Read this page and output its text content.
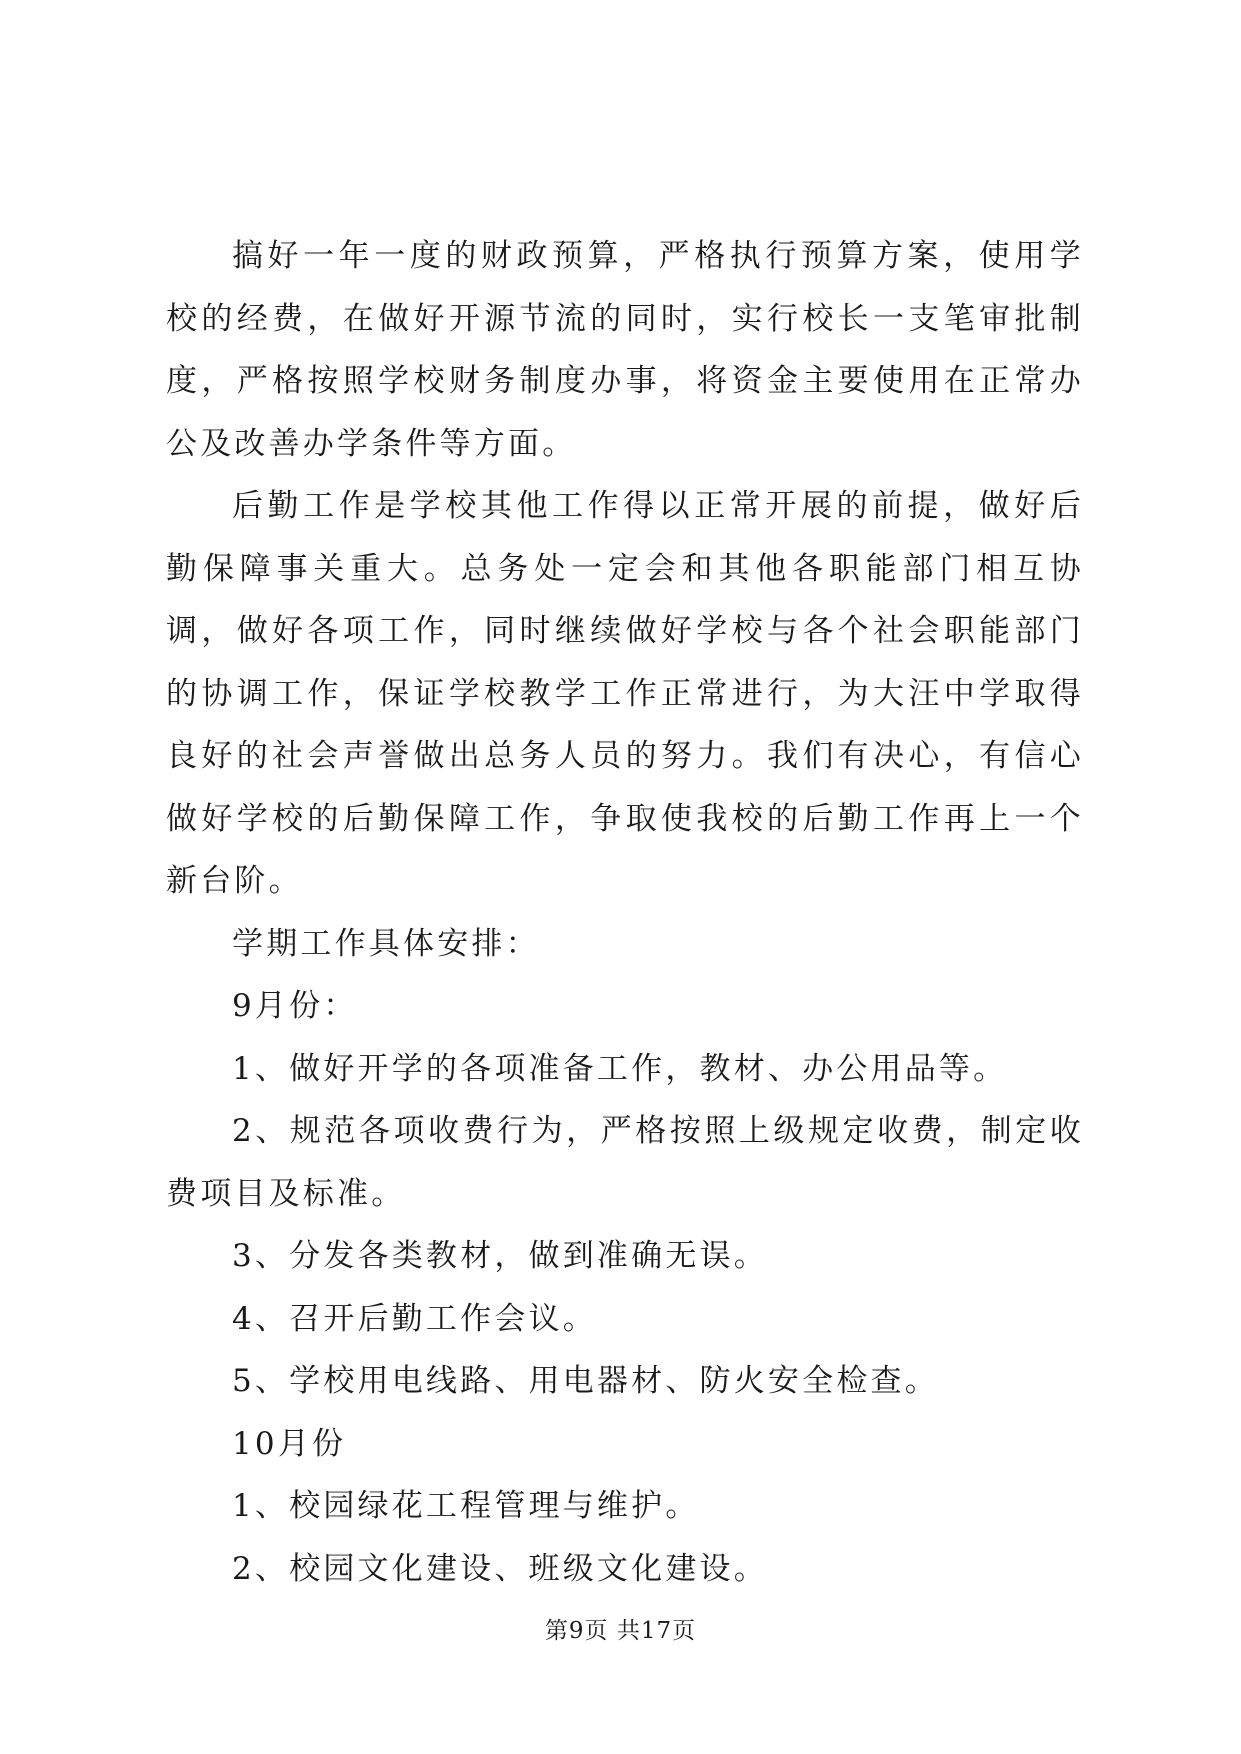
搞好一年一度的财政预算，严格执行预算方案，使用学校的经费，在做好开源节流的同时，实行校长一支笔审批制度，严格按照学校财务制度办事，将资金主要使用在正常办公及改善办学条件等方面。

后勤工作是学校其他工作得以正常开展的前提，做好后勤保障事关重大。总务处一定会和其他各职能部门相互协调，做好各项工作，同时继续做好学校与各个社会职能部门的协调工作，保证学校教学工作正常进行，为大汪中学取得良好的社会声誉做出总务人员的努力。我们有决心，有信心做好学校的后勤保障工作，争取使我校的后勤工作再上一个新台阶。

学期工作具体安排：

9月份：

1、做好开学的各项准备工作，教材、办公用品等。

2、规范各项收费行为，严格按照上级规定收费，制定收费项目及标准。

3、分发各类教材，做到准确无误。

4、召开后勤工作会议。

5、学校用电线路、用电器材、防火安全检查。

10月份

1、校园绿花工程管理与维护。

2、校园文化建设、班级文化建设。

第9页 共17页
